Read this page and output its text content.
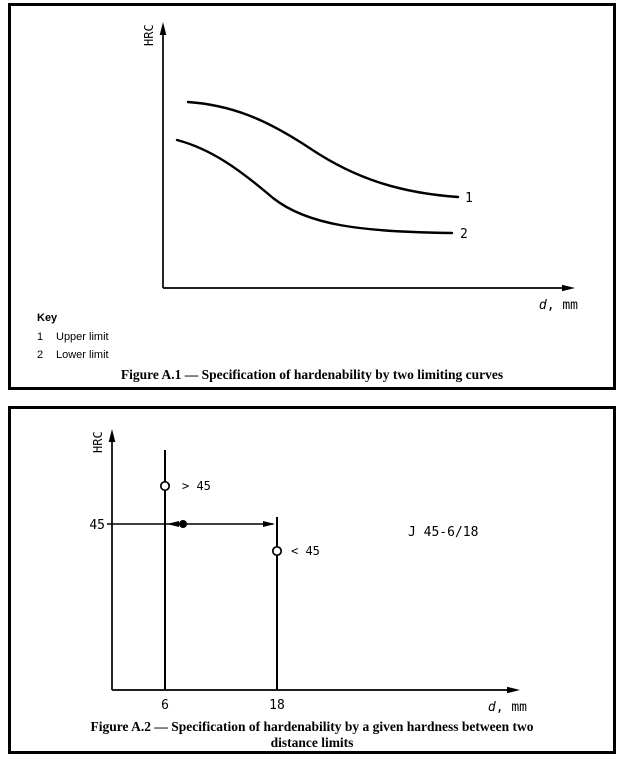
HRC
d, mm
1
2
Key
1	Upper limit
2	Lower limit
Figure A.1 — Specification of hardenability by two limiting curves
HRC
d, mm
45
> 45
< 45
J 45-6/18
6	18
Figure A.2 — Specification of hardenability by a given hardness between two
distance limits
